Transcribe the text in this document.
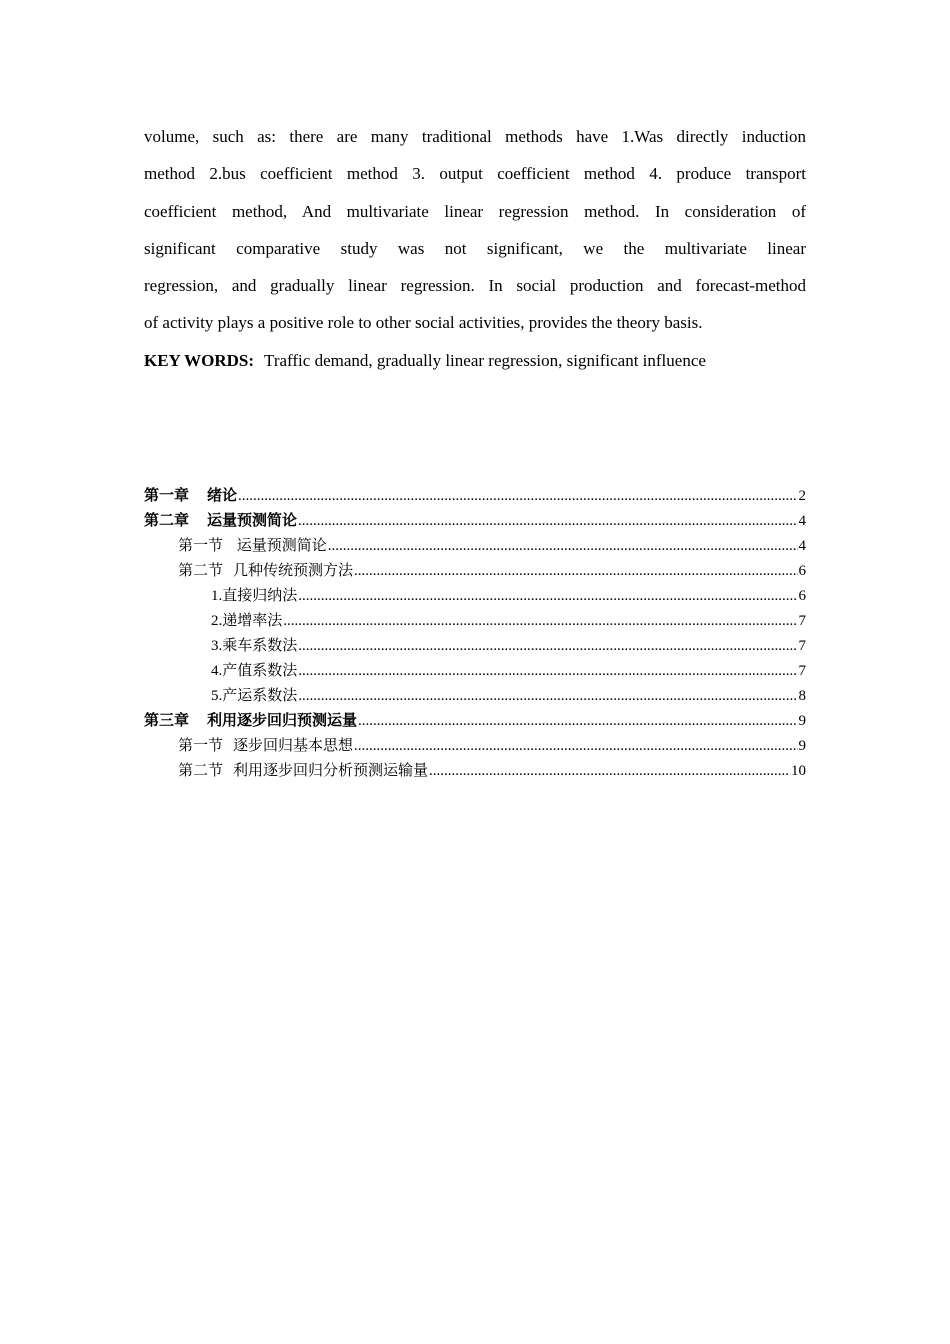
volume, such as: there are many traditional methods have 1.Was directly induction
method 2.bus coefficient method 3. output coefficient method 4. produce transport
coefficient method, And multivariate linear regression method. In consideration of
significant comparative study was not significant, we the multivariate linear
regression, and gradually linear regression. In social production and forecast-method
of activity plays a positive role to other social activities, provides the theory basis.
KEY WORDS: Traffic demand, gradually linear regression, significant influence
第一章 绪论 .....	2
第二章 运量预测简论 .....	4
第一节 运量预测简论 .....	4
第二节 几种传统预测方法 .....	6
1.直接归纳法 .....	6
2.递增率法 .....	7
3.乘车系数法 .....	7
4.产值系数法 .....	7
5.产运系数法 .....	8
第三章 利用逐步回归预测运量 .....	9
第一节 逐步回归基本思想 .....	9
第二节 利用逐步回归分析预测运输量 .....	10
